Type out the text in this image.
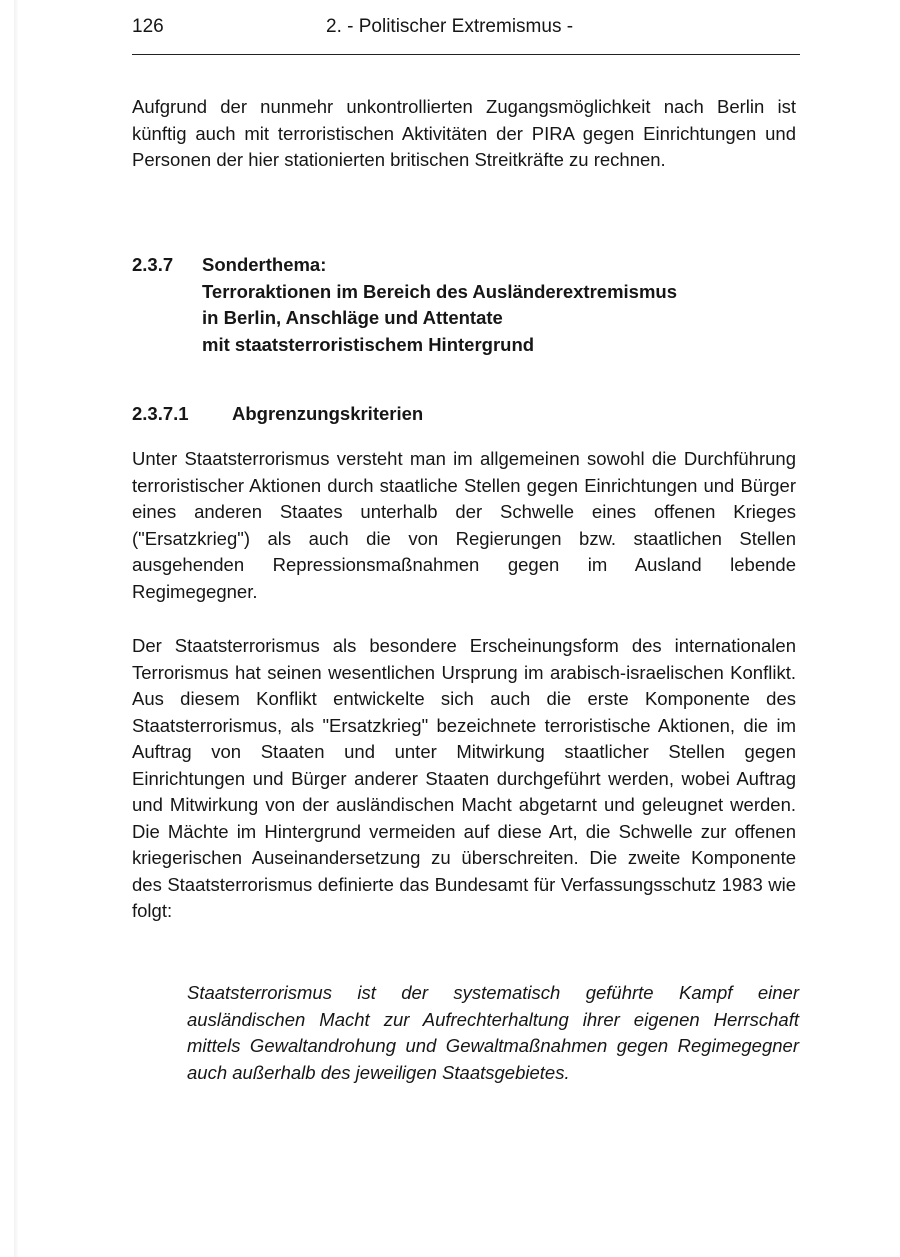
126	2. - Politischer Extremismus -

Aufgrund der nunmehr unkontrollierten Zugangsmöglichkeit nach Berlin ist künftig auch mit terroristischen Aktivitäten der PIRA gegen Einrichtungen und Personen der hier stationierten britischen Streitkräfte zu rechnen.

2.3.7 Sonderthema:
Terroraktionen im Bereich des Ausländerextremismus
in Berlin, Anschläge und Attentate
mit staatsterroristischem Hintergrund
2.3.7.1 Abgrenzungskriterien

Unter Staatsterrorismus versteht man im allgemeinen sowohl die Durchführung terroristischer Aktionen durch staatliche Stellen gegen Einrichtungen und Bürger eines anderen Staates unterhalb der Schwelle eines offenen Krieges ("Ersatzkrieg") als auch die von Regierungen bzw. staatlichen Stellen ausgehenden Repressionsmaßnahmen gegen im Ausland lebende Regimegegner.

Der Staatsterrorismus als besondere Erscheinungsform des internationalen Terrorismus hat seinen wesentlichen Ursprung im arabisch-israelischen Konflikt. Aus diesem Konflikt entwickelte sich auch die erste Komponente des Staatsterrorismus, als "Ersatzkrieg" bezeichnete terroristische Aktionen, die im Auftrag von Staaten und unter Mitwirkung staatlicher Stellen gegen Einrichtungen und Bürger anderer Staaten durchgeführt werden, wobei Auftrag und Mitwirkung von der ausländischen Macht abgetarnt und geleugnet werden. Die Mächte im Hintergrund vermeiden auf diese Art, die Schwelle zur offenen kriegerischen Auseinandersetzung zu überschreiten. Die zweite Komponente des Staatsterrorismus definierte das Bundesamt für Verfassungsschutz 1983 wie folgt:

Staatsterrorismus ist der systematisch geführte Kampf einer ausländischen Macht zur Aufrechterhaltung ihrer eigenen Herrschaft mittels Gewaltandrohung und Gewaltmaßnahmen gegen Regimegegner auch außerhalb des jeweiligen Staatsgebietes.
